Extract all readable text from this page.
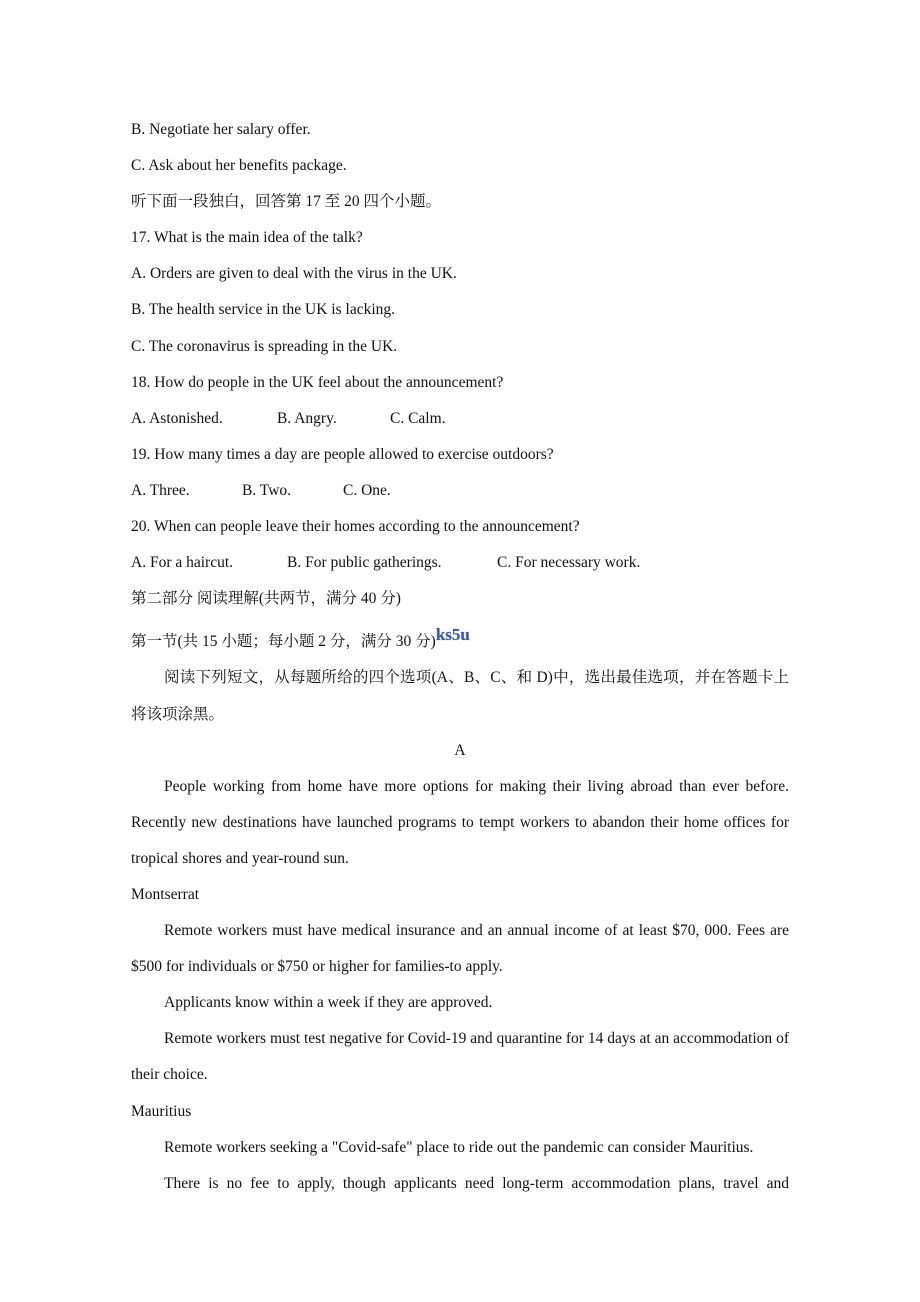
B. Negotiate her salary offer.
C. Ask about her benefits package.
听下面一段独白，回答第 17 至 20 四个小题。
17. What is the main idea of the talk?
A. Orders are given to deal with the virus in the UK.
B. The health service in the UK is lacking.
C. The coronavirus is spreading in the UK.
18. How do people in the UK feel about the announcement?
A. Astonished.	B. Angry.	C. Calm.
19. How many times a day are people allowed to exercise outdoors?
A. Three.	B. Two.	C. One.
20. When can people leave their homes according to the announcement?
A. For a haircut.	B. For public gatherings.	C. For necessary work.
第二部分 阅读理解(共两节，满分 40 分)
第一节(共 15 小题；每小题 2 分，满分 30 分)ks5u
阅读下列短文，从每题所给的四个选项(A、B、C、和 D)中，选出最佳选项，并在答题卡上将该项涂黑。
A
People working from home have more options for making their living abroad than ever before. Recently new destinations have launched programs to tempt workers to abandon their home offices for tropical shores and year-round sun.
Montserrat
Remote workers must have medical insurance and an annual income of at least $70, 000. Fees are $500 for individuals or $750 or higher for families-to apply.
Applicants know within a week if they are approved.
Remote workers must test negative for Covid-19 and quarantine for 14 days at an accommodation of their choice.
Mauritius
Remote workers seeking a "Covid-safe" place to ride out the pandemic can consider Mauritius.
There is no fee to apply, though applicants need long-term accommodation plans, travel and
